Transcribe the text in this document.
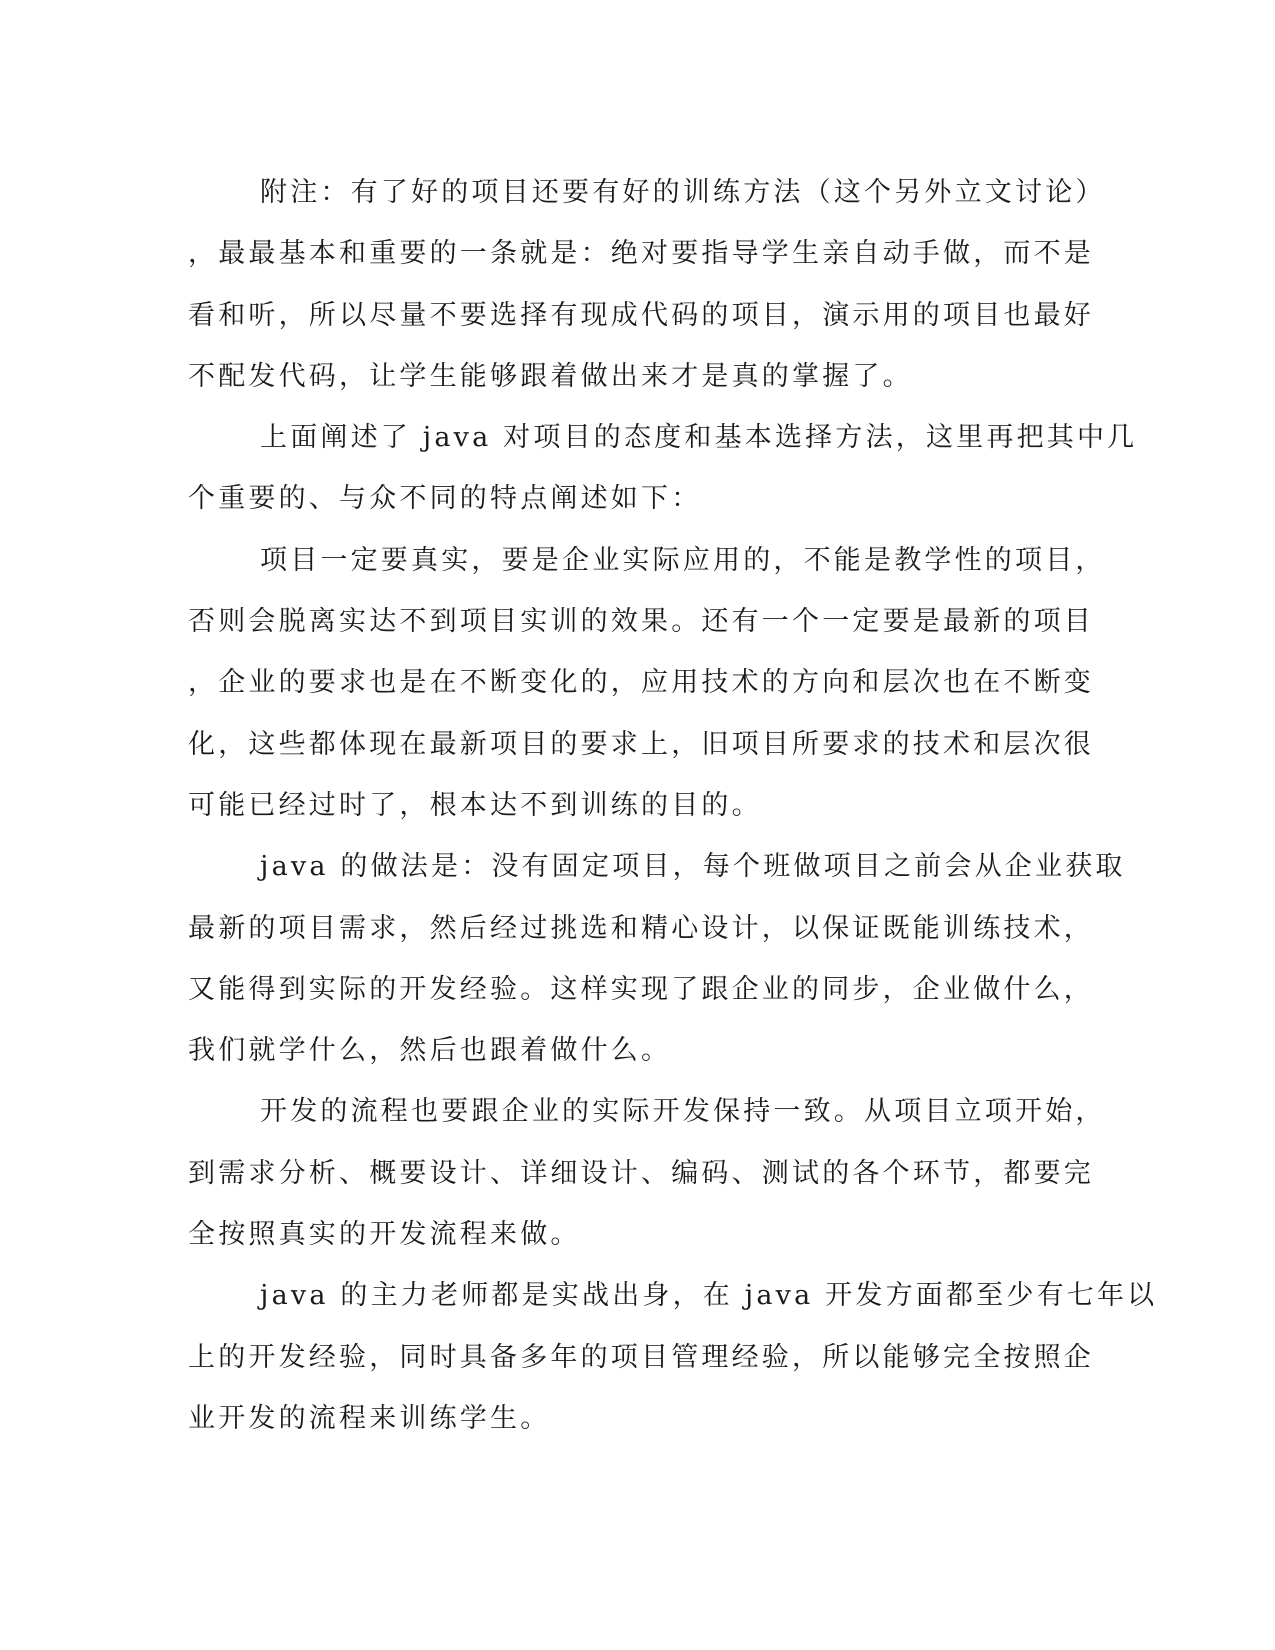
附注：有了好的项目还要有好的训练方法（这个另外立文讨论）
，最最基本和重要的一条就是：绝对要指导学生亲自动手做，而不是
看和听，所以尽量不要选择有现成代码的项目，演示用的项目也最好
不配发代码，让学生能够跟着做出来才是真的掌握了。
上面阐述了 java 对项目的态度和基本选择方法，这里再把其中几
个重要的、与众不同的特点阐述如下：
项目一定要真实，要是企业实际应用的，不能是教学性的项目，
否则会脱离实达不到项目实训的效果。还有一个一定要是最新的项目
，企业的要求也是在不断变化的，应用技术的方向和层次也在不断变
化，这些都体现在最新项目的要求上，旧项目所要求的技术和层次很
可能已经过时了，根本达不到训练的目的。
java 的做法是：没有固定项目，每个班做项目之前会从企业获取
最新的项目需求，然后经过挑选和精心设计，以保证既能训练技术，
又能得到实际的开发经验。这样实现了跟企业的同步，企业做什么，
我们就学什么，然后也跟着做什么。
开发的流程也要跟企业的实际开发保持一致。从项目立项开始，
到需求分析、概要设计、详细设计、编码、测试的各个环节，都要完
全按照真实的开发流程来做。
java 的主力老师都是实战出身，在 java 开发方面都至少有七年以
上的开发经验，同时具备多年的项目管理经验，所以能够完全按照企
业开发的流程来训练学生。
